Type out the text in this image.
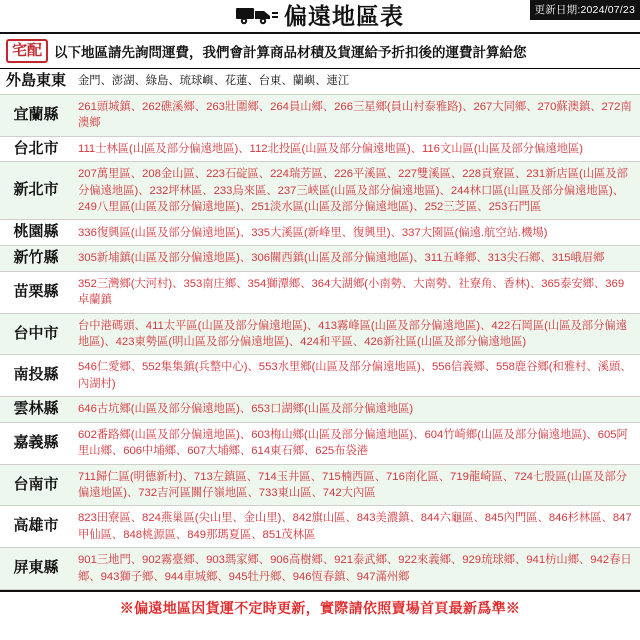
偏遠地區表	更新日期:2024/07/23
宅配 以下地區請先詢問運費，我們會計算商品材積及貨運給予折扣後的運費計算給您
外島東東	金門、澎湖、綠島、琉球嶼、花蓮、台東、蘭嶼、連江
宜蘭縣	261頭城鎮、262礁溪鄉、263壯圍鄉、264員山鄉、266三星鄉(員山村泰雅路)、267大同鄉、270蘇澳鎮、272南澳鄉
台北市	111士林區(山區及部分偏遠地區)、112北投區(山區及部分偏遠地區)、116文山區(山區及部分偏遠地區)
新北市	207萬里區、208金山區、223石碇區、224瑞芳區、226平溪區、227雙溪區、228貢寮區、231新店區(山區及部分偏遠地區)、232坪林區、233烏來區、237三峽區(山區及部分偏遠地區)、244林口區(山區及部分偏遠地區)、249八里區(山區及部分偏遠地區)、251淡水區(山區及部分偏遠地區)、252三芝區、253石門區
桃園縣	336復興區(山區及部分偏遠地區)、335大溪區(新峰里、復興里)、337大園區(偏遠.航空站.機場)
新竹縣	305新埔鎮(山區及部分偏遠地區)、306關西鎮(山區及部分偏遠地區)、311五峰鄉、313尖石鄉、315峨眉鄉
苗栗縣	352三灣鄉(大河村)、353南庄鄉、354獅潭鄉、364大湖鄉(小南勢、大南勢、社寮角、香林)、365泰安鄉、369卓蘭鎮
台中市	台中港碼頭、411太平區(山區及部分偏遠地區)、413霧峰區(山區及部分偏遠地區)、422石岡區(山區及部分偏遠地區)、423東勢區(明山區及部分偏遠地區)、424和平區、426新社區(山區及部分偏遠地區)
南投縣	546仁愛鄉、552集集鎮(兵整中心)、553水里鄉(山區及部分偏遠地區)、556信義鄉、558鹿谷鄉(和雅村、溪頭、內湖村)
雲林縣	646古坑鄉(山區及部分偏遠地區)、653口湖鄉(山區及部分偏遠地區)
嘉義縣	602番路鄉(山區及部分偏遠地區)、603梅山鄉(山區及部分偏遠地區)、604竹崎鄉(山區及部分偏遠地區)、605阿里山鄉、606中埔鄉、607大埔鄉、614東石鄉、625布袋港
台南市	711歸仁區(明德新村)、713左鎮區、714玉井區、715楠西區、716南化區、719龍崎區、724七股區(山區及部分偏遠地區)、732吉河區關仔嶺地區、733東山區、742大內區
高雄市	823田寮區、824燕巢區(尖山里、金山里)、842旗山區、843美濃鎮、844六龜區、845內門區、846杉林區、847甲仙區、848桃源區、849那瑪夏區、851茂林區
屏東縣	901三地門、902霧臺鄉、903瑪家鄉、906高樹鄉、921泰武鄉、922來義鄉、929琉球鄉、941枋山鄉、942春日鄉、943獅子鄉、944車城鄉、945牡丹鄉、946恆春鎮、947滿州鄉
※偏遠地區因貨運不定時更新，實際請依照賣場首頁最新爲準※
